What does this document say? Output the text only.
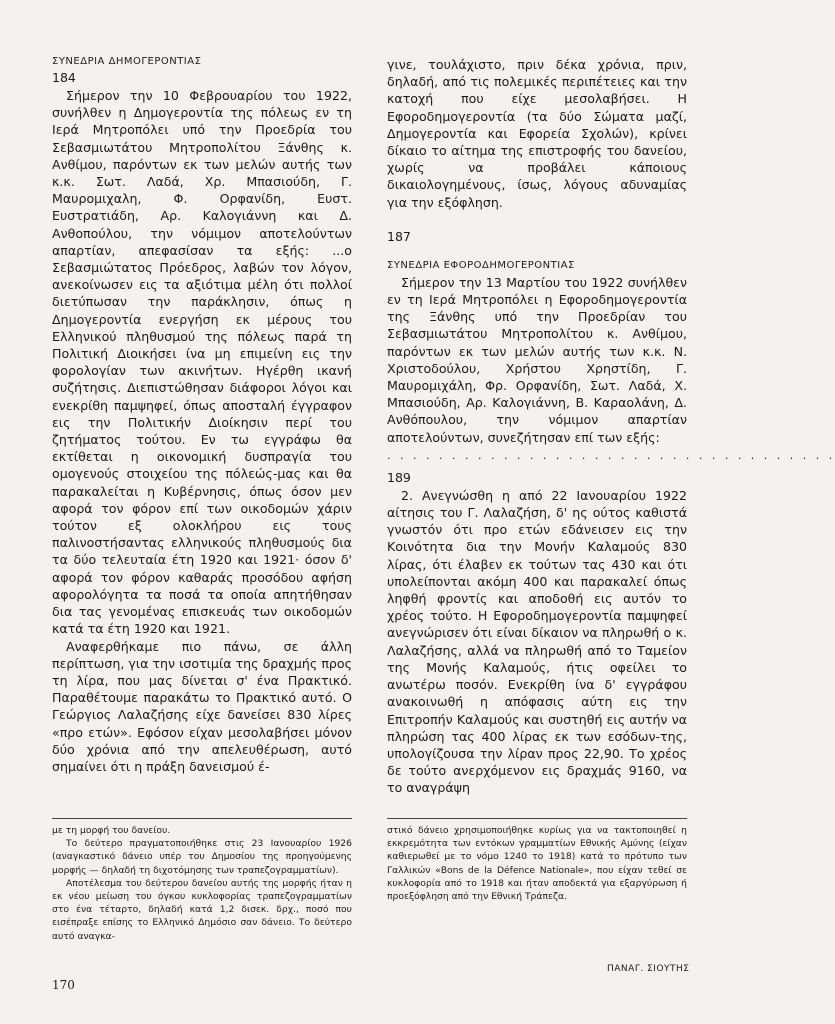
ΣΥΝΕΔΡΙΑ ΔΗΜΟΓΕΡΟΝΤΙΑΣ

184

Σήμερον την 10 Φεβρουαρίου του 1922, συνήλθεν η Δημογεροντία της πόλεως εν τη Ιερά Μητροπόλει υπό την Προεδρία του Σεβασμιωτάτου Μητροπολίτου Ξάνθης κ. Ανθίμου, παρόντων εκ των μελών αυτής των κ.κ. Σωτ. Λαδά, Χρ. Μπασιούδη, Γ. Μαυρομιχαλη, Φ. Ορφανίδη, Ευστ. Ευστρατιάδη, Αρ. Καλογιάννη και Δ. Ανθοπούλου, την νόμιμον αποτελούντων απαρτίαν, απεφασίσαν τα εξής: ...ο Σεβασμιώτατος Πρόεδρος, λαβών τον λόγον, ανεκοίνωσεν εις τα αξιότιμα μέλη ότι πολλοί διετύπωσαν την παράκλησιν, όπως η Δημογεροντία ενεργήση εκ μέρους του Ελληνικού πληθυσμού της πόλεως παρά τη Πολιτική Διοικήσει ίνα μη επιμείνη εις την φορολογίαν των ακινήτων. Ηγέρθη ικανή συζήτησις. Διεπιστώθησαν διάφοροι λόγοι και ενεκρίθη παμψηφεί, όπως αποσταλή έγγραφον εις την Πολιτικήν Διοίκησιν περί του ζητήματος τούτου. Εν τω εγγράφω θα εκτίθεται η οικονομική δυσπραγία του ομογενούς στοιχείου της πόλεώς-μας και θα παρακαλείται η Κυβέρνησις, όπως όσον μεν αφορά τον φόρον επί των οικοδομών χάριν τούτον εξ ολοκλήρου εις τους παλινοστήσαντας ελληνικούς πληθυσμούς δια τα δύο τελευταία έτη 1920 και 1921· όσον δ' αφορά τον φόρον καθαράς προσόδου αφήση αφορολόγητα τα ποσά τα οποία απητήθησαν δια τας γενομένας επισκευάς των οικοδομών κατά τα έτη 1920 και 1921.

Αναφερθήκαμε πιο πάνω, σε άλλη περίπτωση, για την ισοτιμία της δραχμής προς τη λίρα, που μας δίνεται σ' ένα Πρακτικό. Παραθέτουμε παρακάτω το Πρακτικό αυτό. Ο Γεώργιος Λαλαζήσης είχε δανείσει 830 λίρες «προ ετών». Εφόσον είχαν μεσολαβήσει μόνον δύο χρόνια από την απελευθέρωση, αυτό σημαίνει ότι η πράξη δανεισμού έ-

γινε, τουλάχιστο, πριν δέκα χρόνια, πριν, δηλαδή, από τις πολεμικές περιπέτειες και την κατοχή που είχε μεσολαβήσει. Η Εφοροδημογεροντία (τα δύο Σώματα μαζί, Δημογεροντία και Εφορεία Σχολών), κρίνει δίκαιο το αίτημα της επιστροφής του δανείου, χωρίς να προβάλει κάποιους δικαιολογημένους, ίσως, λόγους αδυναμίας για την εξόφληση.

187

ΣΥΝΕΔΡΙΑ ΕΦΟΡΟΔΗΜΟΓΕΡΟΝΤΙΑΣ

Σήμερον την 13 Μαρτίου του 1922 συνήλθεν εν τη Ιερά Μητροπόλει η Εφοροδημογεροντία της Ξάνθης υπό την Προεδρίαν του Σεβασμιωτάτου Μητροπολίτου κ. Ανθίμου, παρόντων εκ των μελών αυτής των κ.κ. Ν. Χριστοδούλου, Χρήστου Χρηστίδη, Γ. Μαυρομιχάλη, Φρ. Ορφανίδη, Σωτ. Λαδά, Χ. Μπασιούδη, Αρ. Καλογιάννη, Β. Καραολάνη, Δ. Ανθόπουλου, την νόμιμον απαρτίαν αποτελούντων, συνεζήτησαν επί των εξής:

. . . . . . . . . . . . . . . . . . . . . . . . . . . . . . . . . . .

189

2. Ανεγνώσθη η από 22 Ιανουαρίου 1922 αίτησις του Γ. Λαλαζήση, δ' ης ούτος καθιστά γνωστόν ότι προ ετών εδάνεισεν εις την Κοινότητα δια την Μονήν Καλαμούς 830 λίρας, ότι έλαβεν εκ τούτων τας 430 και ότι υπολείπονται ακόμη 400 και παρακαλεί όπως ληφθή φροντίς και αποδοθή εις αυτόν το χρέος τούτο. Η Εφοροδημογεροντία παμψηφεί ανεγνώρισεν ότι είναι δίκαιον να πληρωθή ο κ. Λαλαζήσης, αλλά να πληρωθή από το Ταμείον της Μονής Καλαμούς, ήτις οφείλει το ανωτέρω ποσόν. Ενεκρίθη ίνα δ' εγγράφου ανακοινωθή η απόφασις αύτη εις την Επιτροπήν Καλαμούς και συστηθή εις αυτήν να πληρώση τας 400 λίρας εκ των εσόδων-της, υπολογίζουσα την λίραν προς 22,90. Το χρέος δε τούτο ανερχόμενον εις δραχμάς 9160, να το αναγράψη

με τη μορφή του δανείου.

Το δεύτερο πραγματοποιήθηκε στις 23 Ιανουαρίου 1926 (αναγκαστικό δάνειο υπέρ του Δημοσίου της προηγούμενης μορφής — δηλαδή τη διχοτόμησης των τραπεζογραμματίων).

Αποτέλεσμα του δεύτερου δανείου αυτής της μορφής ήταν η εκ νέου μείωση του όγκου κυκλοφορίας τραπεζογραμματίων στο ένα τέταρτο, δηλαδή κατά 1,2 δισεκ. δρχ., ποσό που εισέπραξε επίσης το Ελληνικό Δημόσιο σαν δάνειο. Το δεύτερο αυτό αναγκα-

στικό δάνειο χρησιμοποιήθηκε κυρίως για να τακτοποιηθεί η εκκρεμότητα των εντόκων γραμματίων Εθνικής Αμύνης (είχαν καθιερωθεί με το νόμο 1240 το 1918) κατά το πρότυπο των Γαλλικών «Bons de la Défence Nationale», που είχαν τεθεί σε κυκλοφορία από το 1918 και ήταν αποδεκτά για εξαργύρωση ή προεξόφληση από την Εθνική Τράπεζα.

ΠΑΝΑΓ. ΣΙΟΥΤΗΣ
170
